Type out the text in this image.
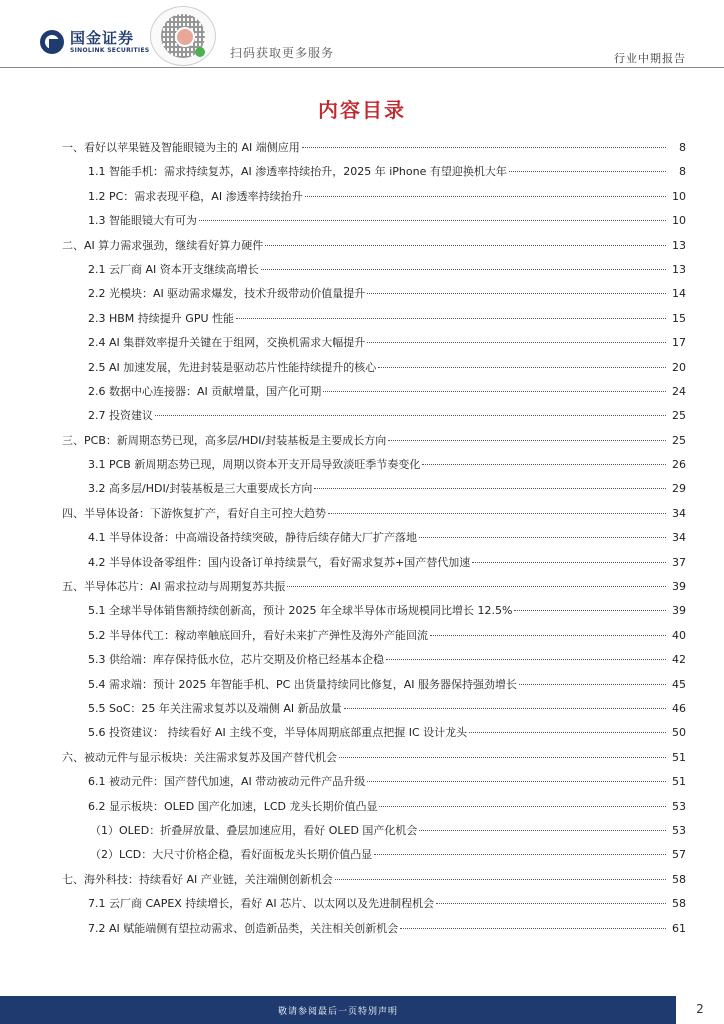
国金证券
SINOLINK SECURITIES	扫码获取更多服务	行业中期报告
内容目录
一、看好以苹果链及智能眼镜为主的 AI 端侧应用	8
1.1 智能手机：需求持续复苏，AI 渗透率持续抬升，2025 年 iPhone 有望迎换机大年	8
1.2 PC：需求表现平稳，AI 渗透率持续抬升	10
1.3 智能眼镜大有可为	10
二、AI 算力需求强劲，继续看好算力硬件	13
2.1 云厂商 AI 资本开支继续高增长	13
2.2 光模块：AI 驱动需求爆发，技术升级带动价值量提升	14
2.3 HBM 持续提升 GPU 性能	15
2.4 AI 集群效率提升关键在于组网，交换机需求大幅提升	17
2.5 AI 加速发展，先进封装是驱动芯片性能持续提升的核心	20
2.6 数据中心连接器：AI 贡献增量，国产化可期	24
2.7 投资建议	25
三、PCB：新周期态势已现，高多层/HDI/封装基板是主要成长方向	25
3.1 PCB 新周期态势已现，周期以资本开支开局导致淡旺季节奏变化	26
3.2 高多层/HDI/封装基板是三大重要成长方向	29
四、半导体设备：下游恢复扩产，看好自主可控大趋势	34
4.1 半导体设备：中高端设备持续突破，静待后续存储大厂扩产落地	34
4.2 半导体设备零组件：国内设备订单持续景气，看好需求复苏+国产替代加速	37
五、半导体芯片：AI 需求拉动与周期复苏共振	39
5.1 全球半导体销售额持续创新高，预计 2025 年全球半导体市场规模同比增长 12.5%	39
5.2 半导体代工：稼动率触底回升，看好未来扩产弹性及海外产能回流	40
5.3 供给端：库存保持低水位，芯片交期及价格已经基本企稳	42
5.4 需求端：预计 2025 年智能手机、PC 出货量持续同比修复，AI 服务器保持强劲增长	45
5.5 SoC：25 年关注需求复苏以及端侧 AI 新品放量	46
5.6 投资建议： 持续看好 AI 主线不变，半导体周期底部重点把握 IC 设计龙头	50
六、被动元件与显示板块：关注需求复苏及国产替代机会	51
6.1 被动元件：国产替代加速，AI 带动被动元件产品升级	51
6.2 显示板块：OLED 国产化加速，LCD 龙头长期价值凸显	53
（1）OLED：折叠屏放量、叠层加速应用，看好 OLED 国产化机会	53
（2）LCD：大尺寸价格企稳，看好面板龙头长期价值凸显	57
七、海外科技：持续看好 AI 产业链，关注端侧创新机会	58
7.1 云厂商 CAPEX 持续增长，看好 AI 芯片、以太网以及先进制程机会	58
7.2 AI 赋能端侧有望拉动需求、创造新品类，关注相关创新机会	61
敬请参阅最后一页特别声明	2
